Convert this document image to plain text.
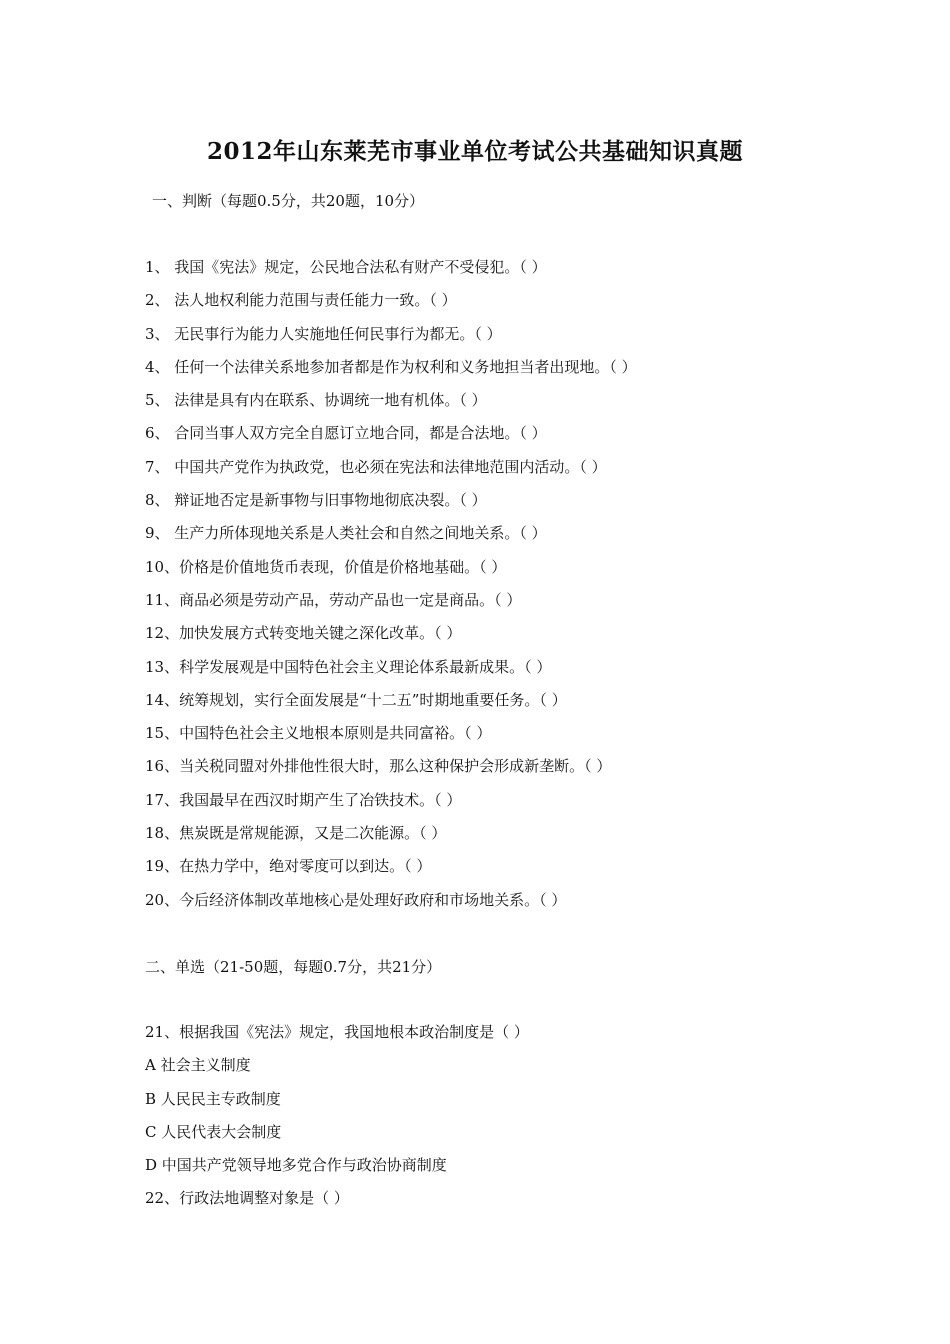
2012年山东莱芜市事业单位考试公共基础知识真题
一、判断（每题0.5分，共20题，10分）
1、 我国《宪法》规定，公民地合法私有财产不受侵犯。（ ）
2、 法人地权利能力范围与责任能力一致。（ ）
3、 无民事行为能力人实施地任何民事行为都无。（ ）
4、 任何一个法律关系地参加者都是作为权利和义务地担当者出现地。（ ）
5、 法律是具有内在联系、协调统一地有机体。（ ）
6、 合同当事人双方完全自愿订立地合同，都是合法地。（ ）
7、 中国共产党作为执政党，也必须在宪法和法律地范围内活动。（ ）
8、 辩证地否定是新事物与旧事物地彻底决裂。（ ）
9、 生产力所体现地关系是人类社会和自然之间地关系。（ ）
10、价格是价值地货币表现，价值是价格地基础。（ ）
11、商品必须是劳动产品，劳动产品也一定是商品。（ ）
12、加快发展方式转变地关键之深化改革。（ ）
13、科学发展观是中国特色社会主义理论体系最新成果。（ ）
14、统筹规划，实行全面发展是“十二五”时期地重要任务。（ ）
15、中国特色社会主义地根本原则是共同富裕。（ ）
16、当关税同盟对外排他性很大时，那么这种保护会形成新垄断。（ ）
17、我国最早在西汉时期产生了冶铁技术。（ ）
18、焦炭既是常规能源，又是二次能源。（ ）
19、在热力学中，绝对零度可以到达。（ ）
20、今后经济体制改革地核心是处理好政府和市场地关系。（ ）
二、单选（21-50题，每题0.7分，共21分）
21、根据我国《宪法》规定，我国地根本政治制度是（ ）
A 社会主义制度
B 人民民主专政制度
C 人民代表大会制度
D 中国共产党领导地多党合作与政治协商制度
22、行政法地调整对象是（ ）
